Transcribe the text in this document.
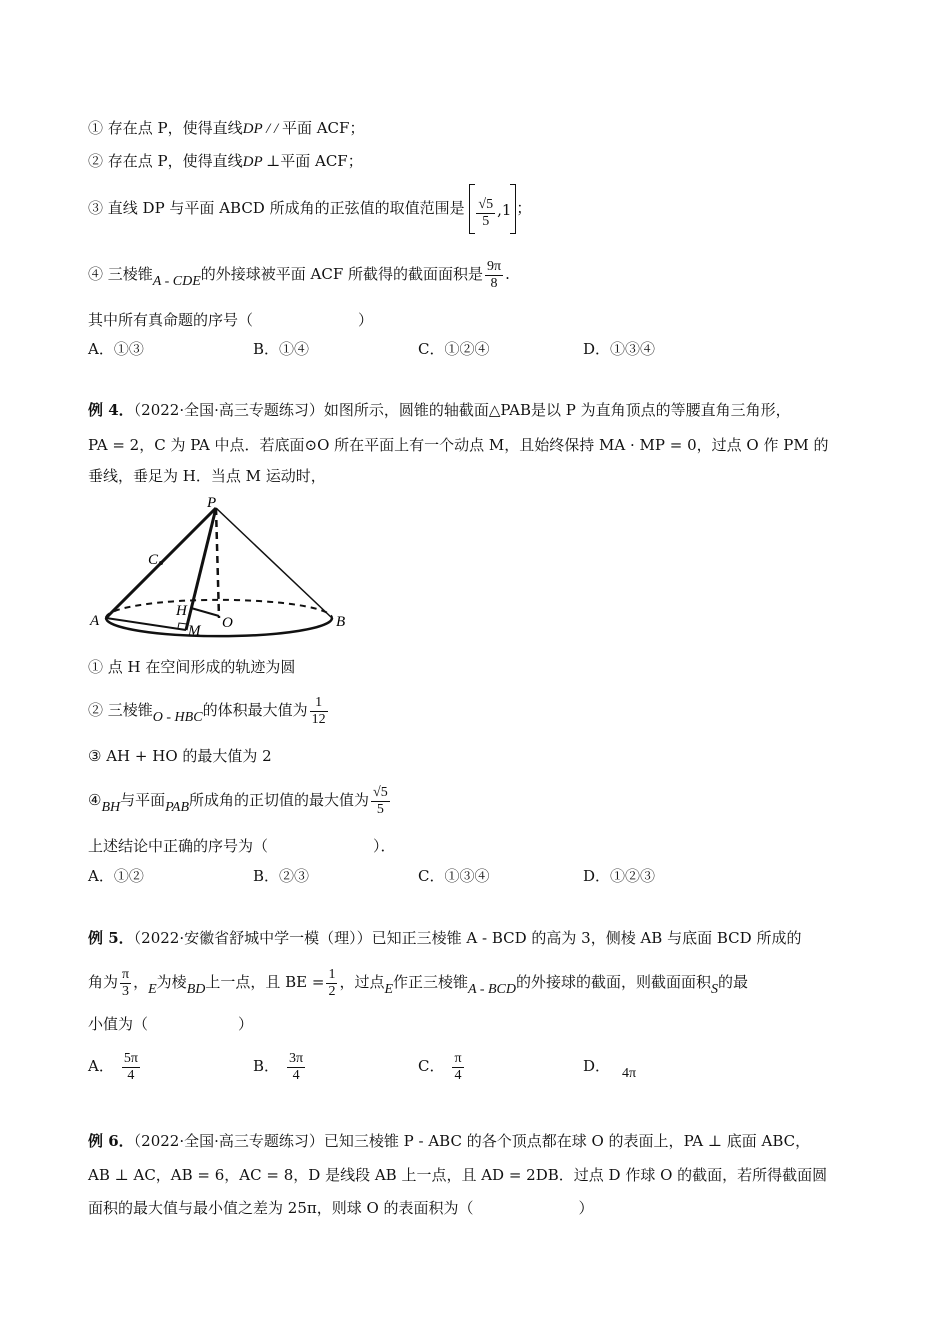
① 存在点 P，使得直线DP / / 平面 ACF；
② 存在点 P，使得直线DP ⊥平面 ACF；
③ 直线 DP 与平面 ABCD 所成角的正弦值的取值范围是 $\frac{√5}{5} ,1$ ；
④ 三棱锥A - CDE的外接球被平面 ACF 所截得的截面面积是 $\frac{9\pi}{8}$ .
其中所有真命题的序号（　　　　　　　）
A．①③	B．①④	C．①②④	D．①③④
例 4．（2022·全国·高三专题练习）如图所示，圆锥的轴截面△PAB是以 P 为直角顶点的等腰直角三角形，
PA = 2，C 为 PA 中点．若底面⊙O 所在平面上有一个动点 M，且始终保持 MA · MP = 0，过点 O 作 PM 的
垂线，垂足为 H．当点 M 运动时，
P
C
A
H
M O	B
① 点 H 在空间形成的轨迹为圆
② 三棱锥O - HBC的体积最大值为 $\frac{1}{12}$
③ AH + HO 的最大值为 2
④BH与平面PAB所成角的正切值的最大值为 $\frac{√5}{5}$
上述结论中正确的序号为（　　　　　　　）．
A．①②	B．②③	C．①③④	D．①②③
例 5．（2022·安徽省舒城中学一模（理））已知正三棱锥 A - BCD 的高为 3，侧棱 AB 与底面 BCD 所成的
角为 $\frac{\pi}{3}$ ，E为棱BD上一点，且 BE = $\frac{1}{2}$ ，过点E作正三棱锥A - BCD的外接球的截面，则截面面积S的最
小值为（　　　　　　）
A． $\frac{5\pi}{4}$	B． $\frac{3\pi}{4}$	C． $\frac{\pi}{4}$	D． 4π
例 6．（2022·全国·高三专题练习）已知三棱锥 P - ABC 的各个顶点都在球 O 的表面上，PA ⊥ 底面 ABC，
AB ⊥ AC，AB = 6，AC = 8，D 是线段 AB 上一点，且 AD = 2DB．过点 D 作球 O 的截面，若所得截面圆
面积的最大值与最小值之差为 25π，则球 O 的表面积为（　　　　　　　）
